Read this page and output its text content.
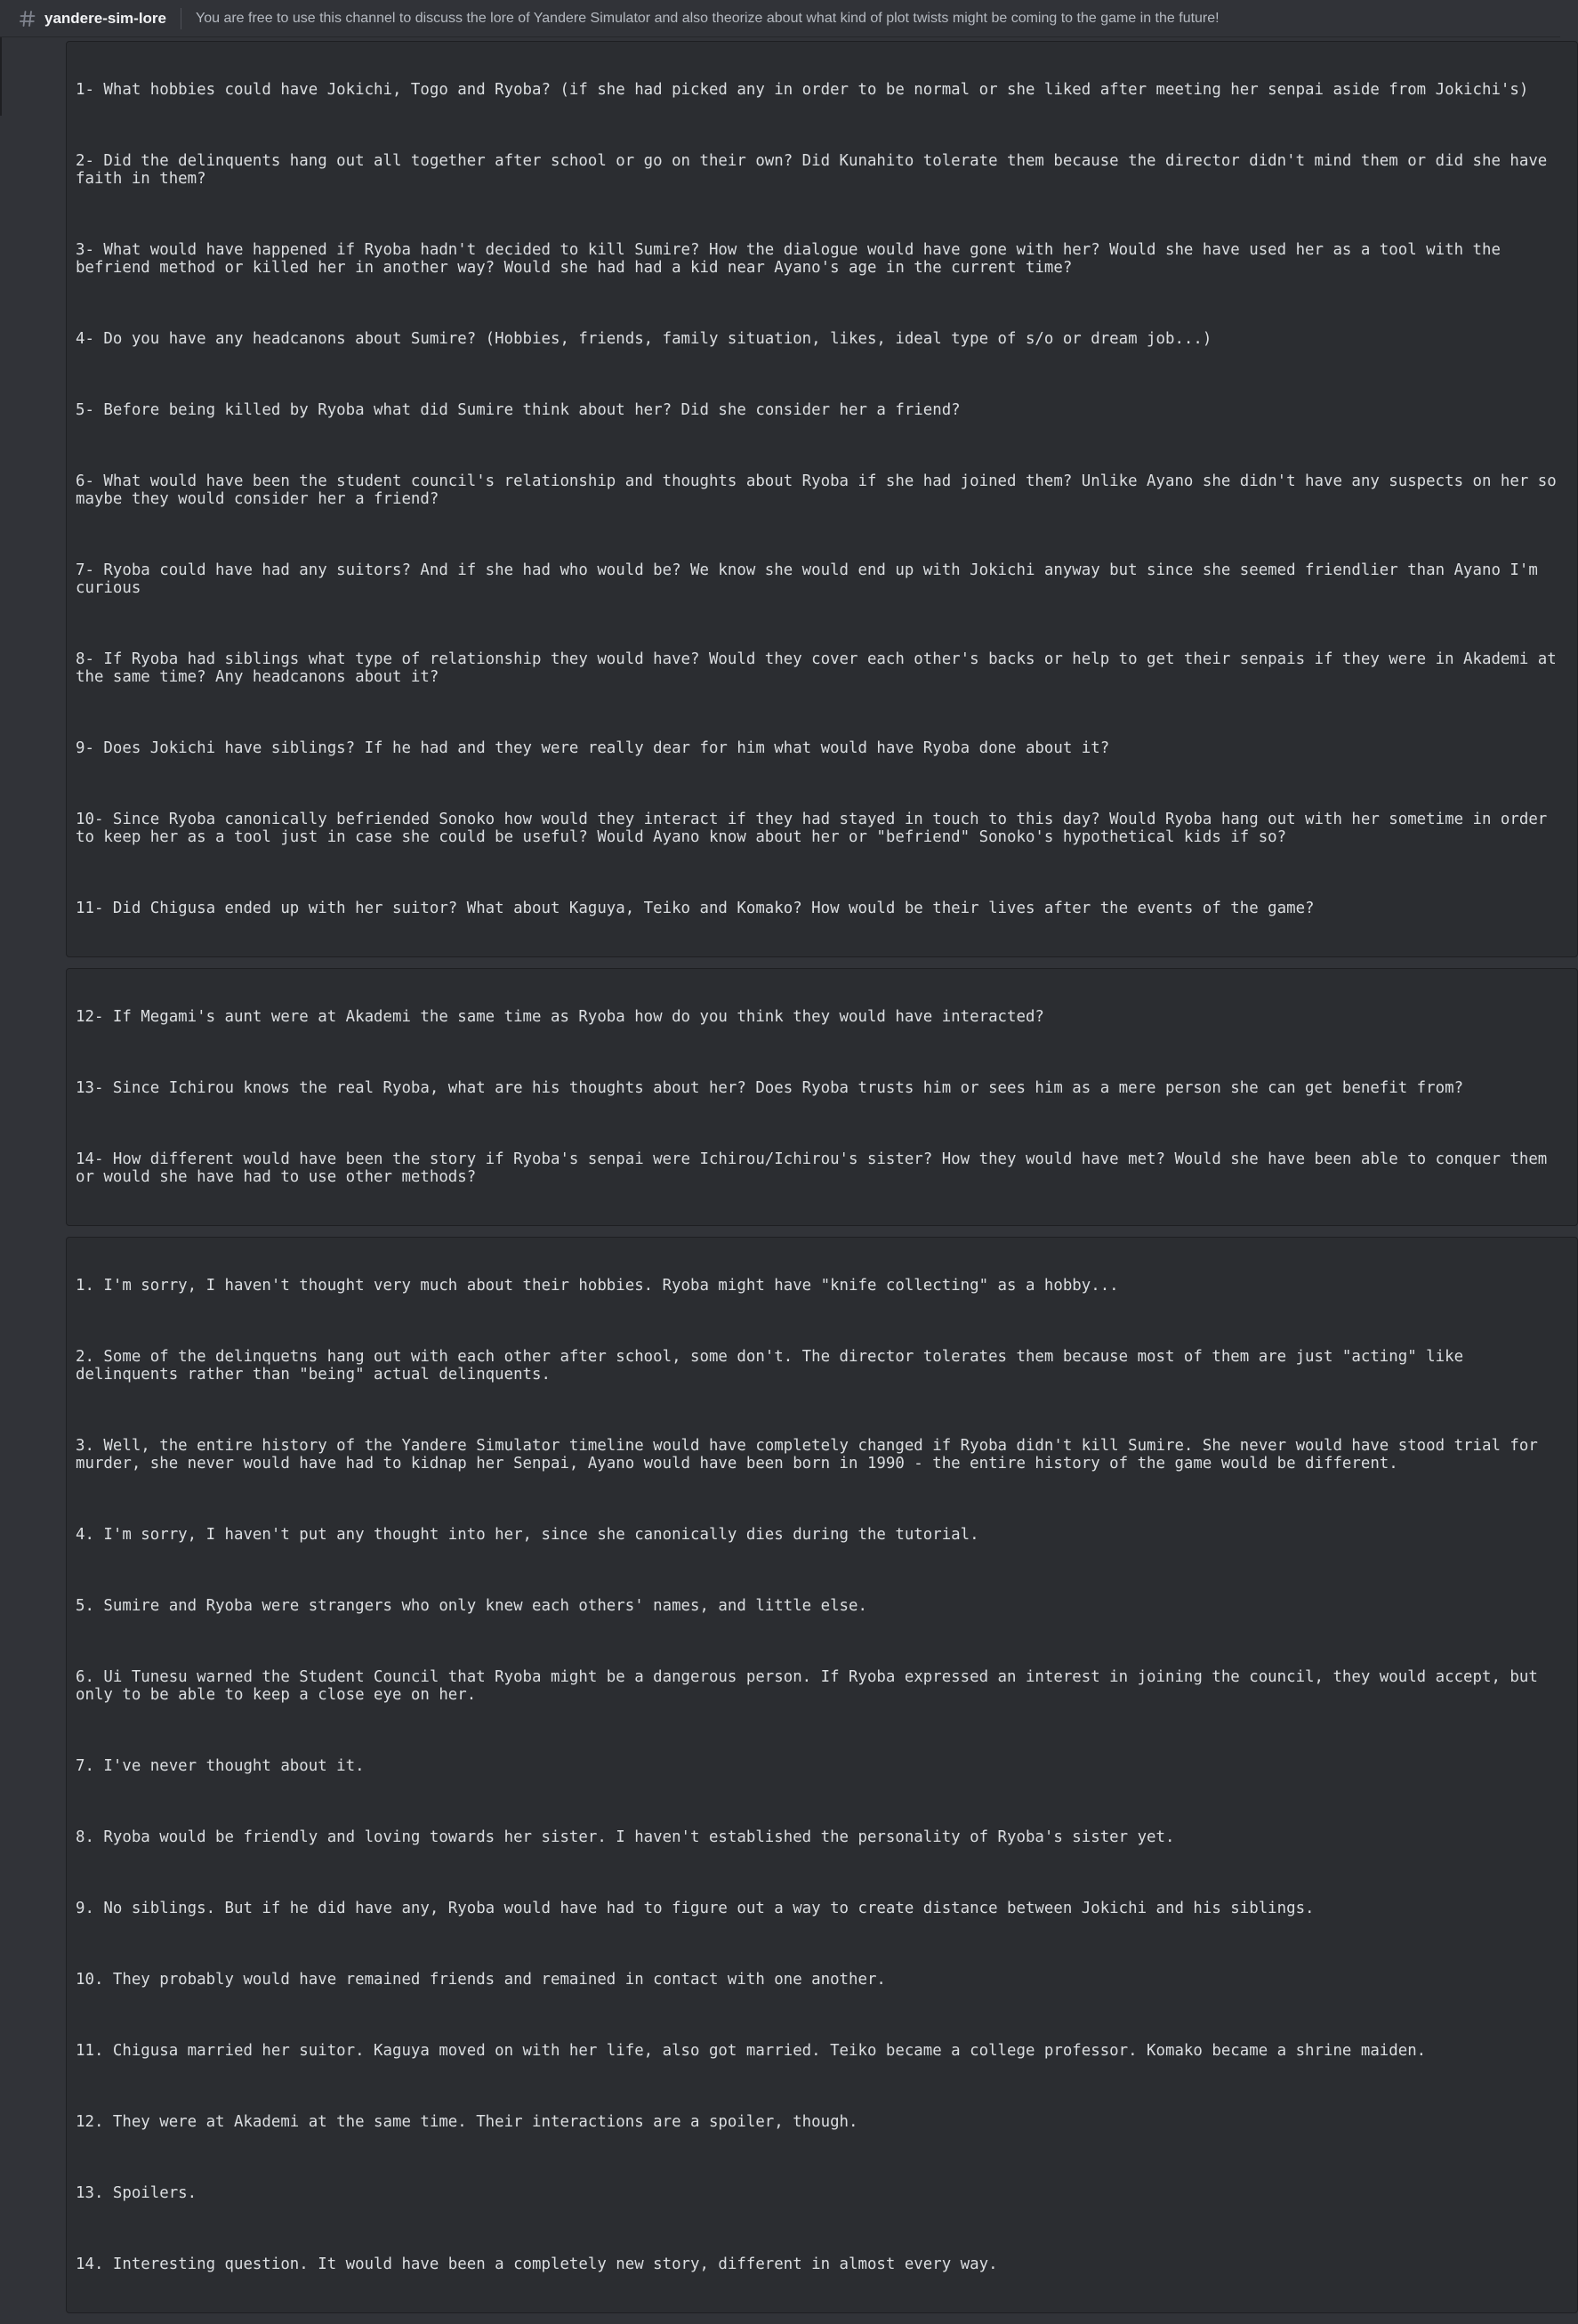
yandere-sim-lore You are free to use this channel to discuss the lore of Yandere Simulator and also theorize about what kind of plot twists might be coming to the game in the future!

1- What hobbies could have Jokichi, Togo and Ryoba? (if she had picked any in order to be normal or she liked after meeting her senpai aside from Jokichi's)

2- Did the delinquents hang out all together after school or go on their own? Did Kunahito tolerate them because the director didn't mind them or did she have faith in them?

3- What would have happened if Ryoba hadn't decided to kill Sumire? How the dialogue would have gone with her? Would she have used her as a tool with the befriend method or killed her in another way? Would she had had a kid near Ayano's age in the current time?

4- Do you have any headcanons about Sumire? (Hobbies, friends, family situation, likes, ideal type of s/o or dream job...)

5- Before being killed by Ryoba what did Sumire think about her? Did she consider her a friend?

6- What would have been the student council's relationship and thoughts about Ryoba if she had joined them? Unlike Ayano she didn't have any suspects on her so maybe they would consider her a friend?

7- Ryoba could have had any suitors? And if she had who would be? We know she would end up with Jokichi anyway but since she seemed friendlier than Ayano I'm curious

8- If Ryoba had siblings what type of relationship they would have? Would they cover each other's backs or help to get their senpais if they were in Akademi at the same time? Any headcanons about it?

9- Does Jokichi have siblings? If he had and they were really dear for him what would have Ryoba done about it?

10- Since Ryoba canonically befriended Sonoko how would they interact if they had stayed in touch to this day? Would Ryoba hang out with her sometime in order to keep her as a tool just in case she could be useful? Would Ayano know about her or "befriend" Sonoko's hypothetical kids if so?

11- Did Chigusa ended up with her suitor? What about Kaguya, Teiko and Komako? How would be their lives after the events of the game?

12- If Megami's aunt were at Akademi the same time as Ryoba how do you think they would have interacted?

13- Since Ichirou knows the real Ryoba, what are his thoughts about her? Does Ryoba trusts him or sees him as a mere person she can get benefit from?

14- How different would have been the story if Ryoba's senpai were Ichirou/Ichirou's sister? How they would have met? Would she have been able to conquer them or would she have had to use other methods?

1. I'm sorry, I haven't thought very much about their hobbies. Ryoba might have "knife collecting" as a hobby...

2. Some of the delinquetns hang out with each other after school, some don't. The director tolerates them because most of them are just "acting" like delinquents rather than "being" actual delinquents.

3. Well, the entire history of the Yandere Simulator timeline would have completely changed if Ryoba didn't kill Sumire. She never would have stood trial for murder, she never would have had to kidnap her Senpai, Ayano would have been born in 1990 - the entire history of the game would be different.

4. I'm sorry, I haven't put any thought into her, since she canonically dies during the tutorial.

5. Sumire and Ryoba were strangers who only knew each others' names, and little else.

6. Ui Tunesu warned the Student Council that Ryoba might be a dangerous person. If Ryoba expressed an interest in joining the council, they would accept, but only to be able to keep a close eye on her.

7. I've never thought about it.

8. Ryoba would be friendly and loving towards her sister. I haven't established the personality of Ryoba's sister yet.

9. No siblings. But if he did have any, Ryoba would have had to figure out a way to create distance between Jokichi and his siblings.

10. They probably would have remained friends and remained in contact with one another.

11. Chigusa married her suitor. Kaguya moved on with her life, also got married. Teiko became a college professor. Komako became a shrine maiden.

12. They were at Akademi at the same time. Their interactions are a spoiler, though.

13. Spoilers.

14. Interesting question. It would have been a completely new story, different in almost every way.
